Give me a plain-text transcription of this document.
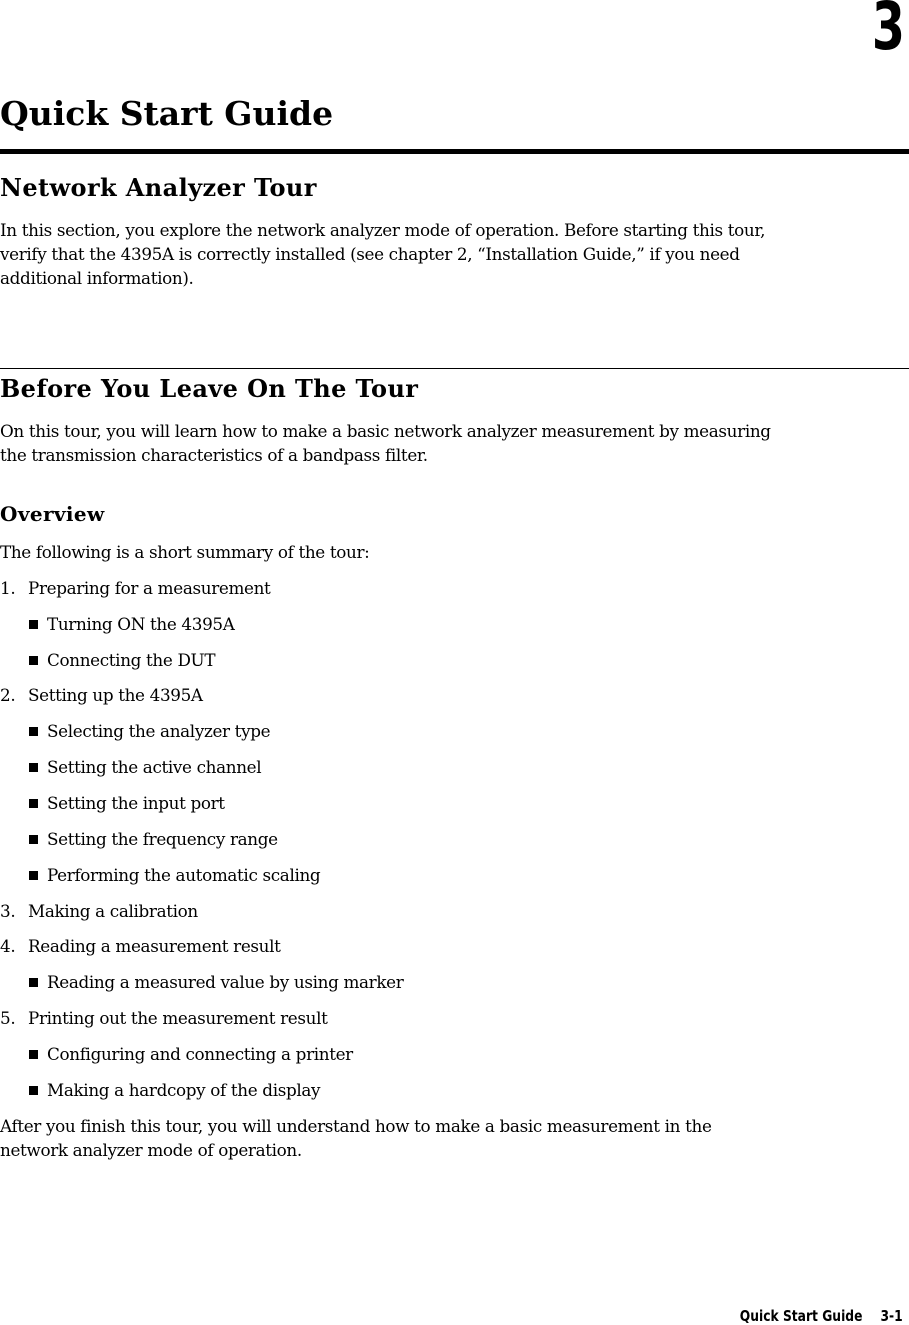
3
Quick Start Guide
Network Analyzer Tour
In this section, you explore the network analyzer mode of operation. Before starting this tour,
verify that the 4395A is correctly installed (see chapter 2, “Installation Guide,” if you need
additional information).
Before You Leave On The Tour
On this tour, you will learn how to make a basic network analyzer measurement by measuring
the transmission characteristics of a bandpass filter.
Overview
The following is a short summary of the tour:
1. Preparing for a measurement
Turning ON the 4395A
Connecting the DUT
2. Setting up the 4395A
Selecting the analyzer type
Setting the active channel
Setting the input port
Setting the frequency range
Performing the automatic scaling
3. Making a calibration
4. Reading a measurement result
Reading a measured value by using marker
5. Printing out the measurement result
Configuring and connecting a printer
Making a hardcopy of the display
After you finish this tour, you will understand how to make a basic measurement in the
network analyzer mode of operation.
Quick Start Guide 3-1
